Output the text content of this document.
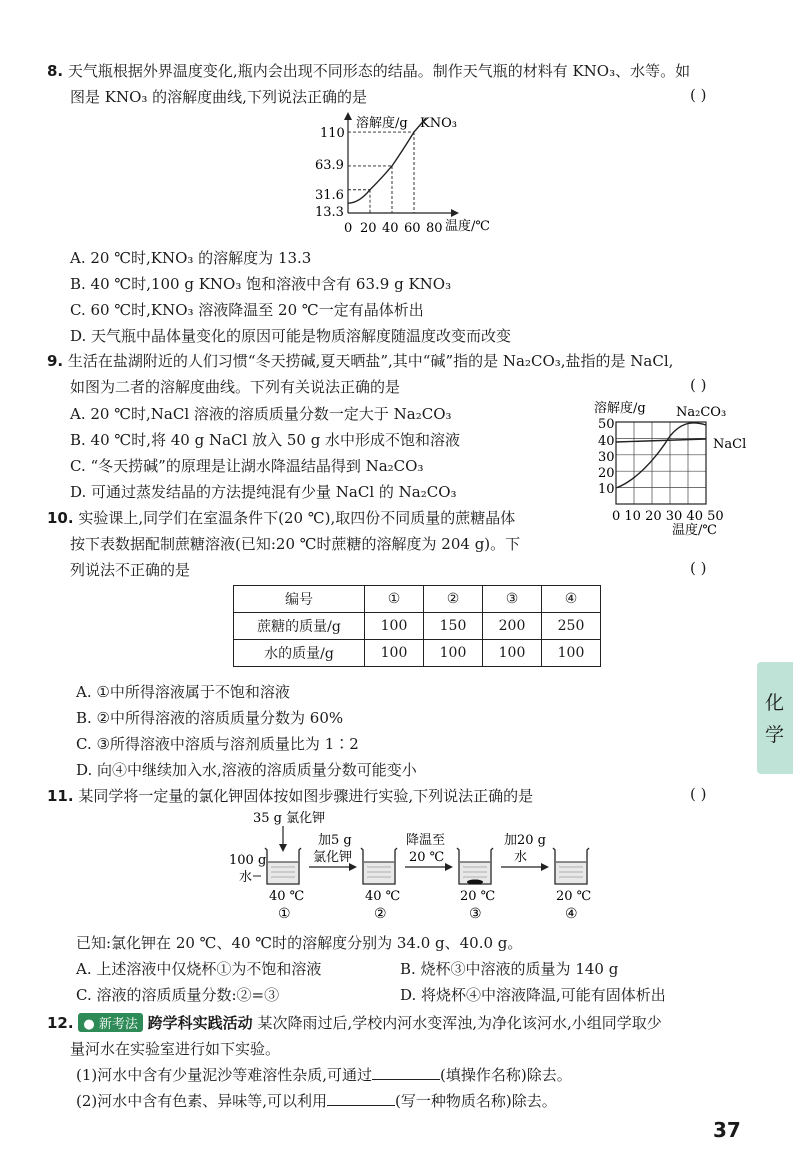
8. 天气瓶根据外界温度变化,瓶内会出现不同形态的结晶。制作天气瓶的材料有 KNO₃、水等。如
图是 KNO₃ 的溶解度曲线,下列说法正确的是	( )
溶解度/g KNO₃
温度/℃
110
63.9
31.6
13.3
0 20 40 60 80
A. 20 ℃时,KNO₃ 的溶解度为 13.3
B. 40 ℃时,100 g KNO₃ 饱和溶液中含有 63.9 g KNO₃
C. 60 ℃时,KNO₃ 溶液降温至 20 ℃一定有晶体析出
D. 天气瓶中晶体量变化的原因可能是物质溶解度随温度改变而改变
9. 生活在盐湖附近的人们习惯“冬天捞碱,夏天晒盐”,其中“碱”指的是 Na₂CO₃,盐指的是 NaCl,
如图为二者的溶解度曲线。下列有关说法正确的是	( )
A. 20 ℃时,NaCl 溶液的溶质质量分数一定大于 Na₂CO₃
B. 40 ℃时,将 40 g NaCl 放入 50 g 水中形成不饱和溶液
C. “冬天捞碱”的原理是让湖水降温结晶得到 Na₂CO₃
D. 可通过蒸发结晶的方法提纯混有少量 NaCl 的 Na₂CO₃
溶解度/g Na₂CO₃
NaCl
50
40
30
20
10
0 10 20 30 40 50
温度/℃
10. 实验课上,同学们在室温条件下(20 ℃),取四份不同质量的蔗糖晶体
按下表数据配制蔗糖溶液(已知:20 ℃时蔗糖的溶解度为 204 g)。下
列说法不正确的是	( )
编号	①	②	③	④
蔗糖的质量/g	100	150	200	250
水的质量/g	100	100	100	100
A. ①中所得溶液属于不饱和溶液
B. ②中所得溶液的溶质质量分数为 60%
C. ③所得溶液中溶质与溶剂质量比为 1∶2
D. 向④中继续加入水,溶液的溶质质量分数可能变小
11. 某同学将一定量的氯化钾固体按如图步骤进行实验,下列说法正确的是	( )
35 g 氯化钾
100 g
水
加5 g
氯化钾
降温至
20 ℃
加20 g
水
40 ℃	40 ℃	20 ℃	20 ℃
①	②	③	④
已知:氯化钾在 20 ℃、40 ℃时的溶解度分别为 34.0 g、40.0 g。
A. 上述溶液中仅烧杯①为不饱和溶液	B. 烧杯③中溶液的质量为 140 g
C. 溶液的溶质质量分数:②=③	D. 将烧杯④中溶液降温,可能有固体析出
12. ● 新考法 跨学科实践活动 某次降雨过后,学校内河水变浑浊,为净化该河水,小组同学取少
量河水在实验室进行如下实验。
(1)河水中含有少量泥沙等难溶性杂质,可通过	(填操作名称)除去。
(2)河水中含有色素、异味等,可以利用	(写一种物质名称)除去。
化
学
37
